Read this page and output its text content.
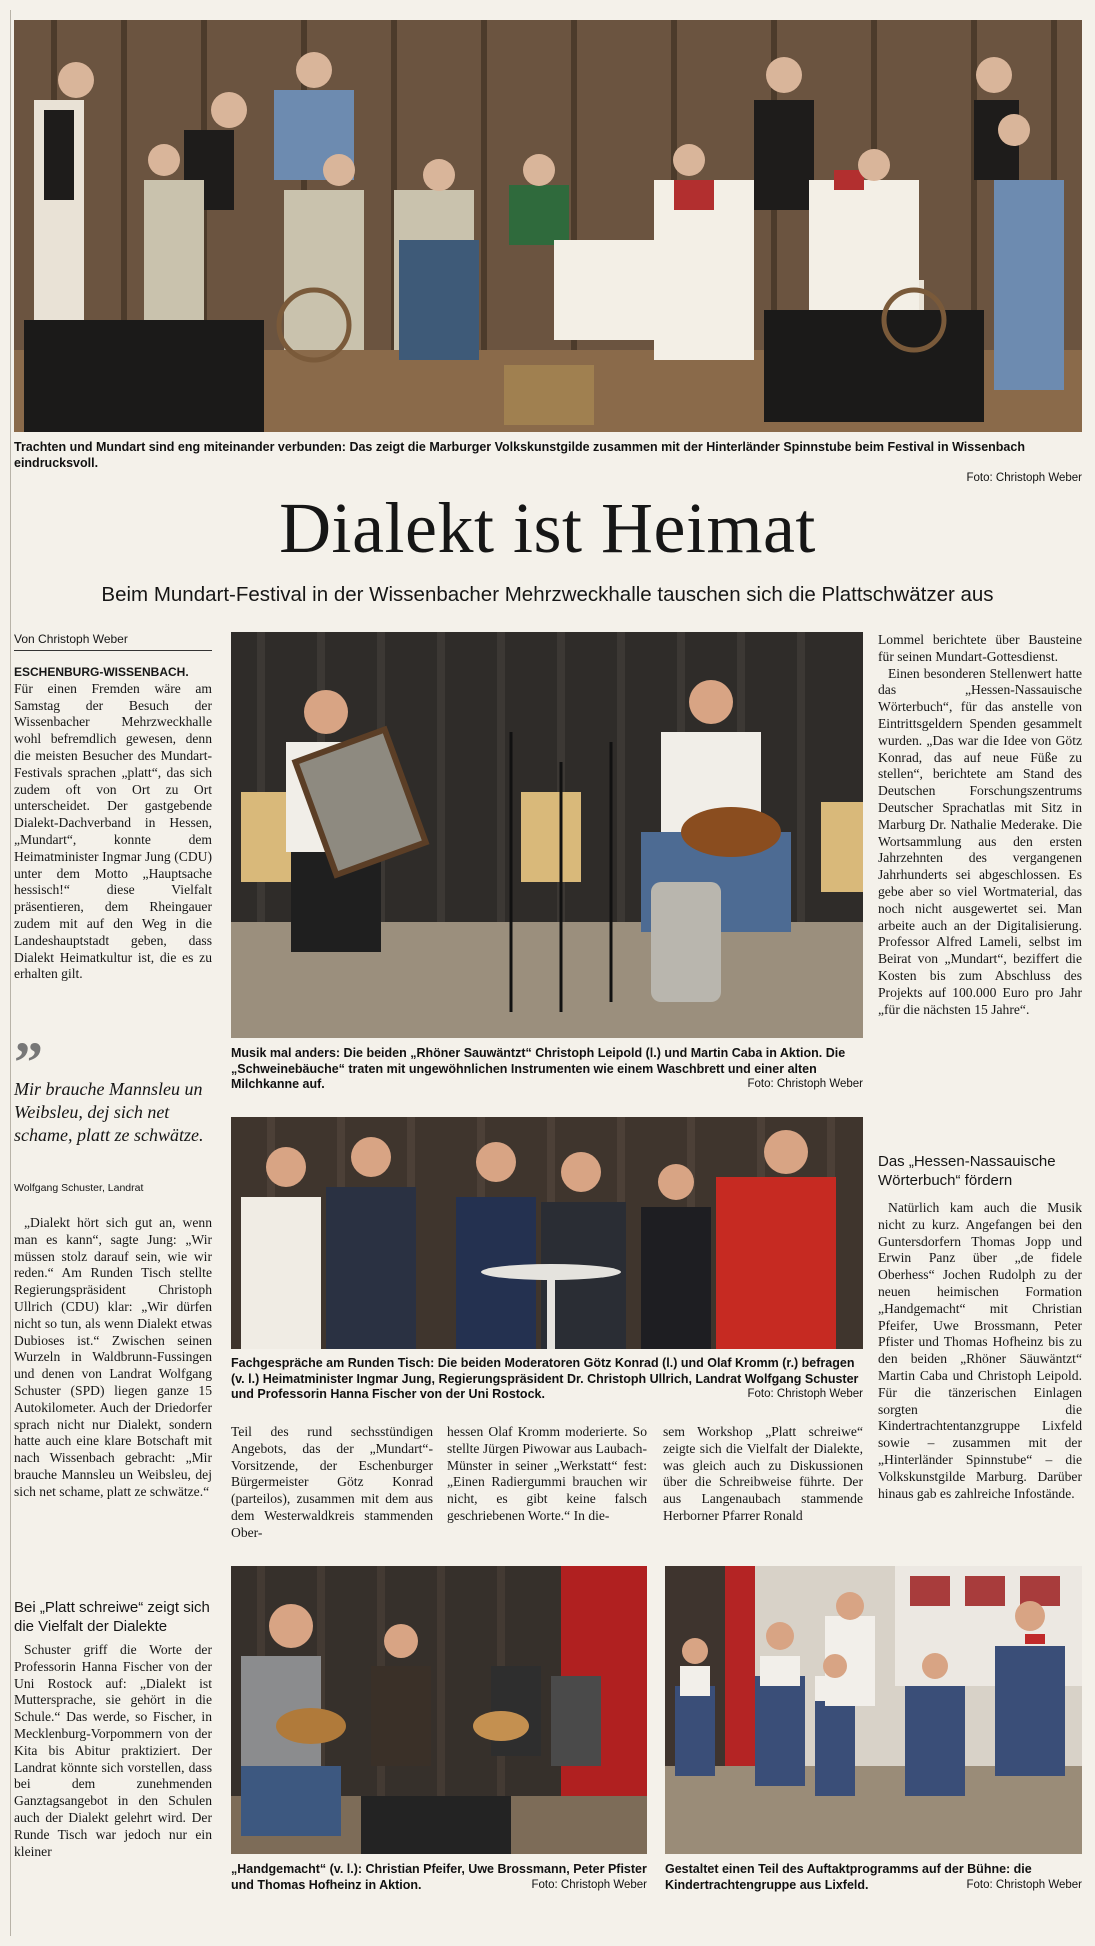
Trachten und Mundart sind eng miteinander verbunden: Das zeigt die Marburger Volkskunstgilde zusammen mit der Hinterländer Spinnstube beim Festival in Wissenbach eindrucksvoll.
Foto: Christoph Weber
Dialekt ist Heimat
Beim Mundart-Festival in der Wissenbacher Mehrzweckhalle tauschen sich die Plattschwätzer aus
Von Christoph Weber

ESCHENBURG-WISSENBACH.
Für einen Fremden wäre am Samstag der Besuch der Wissenbacher Mehrzweckhalle wohl befremdlich gewesen, denn die meisten Besucher des Mundart-Festivals sprachen „platt“, das sich zudem oft von Ort zu Ort unterscheidet. Der gastgebende Dialekt-Dachverband in Hessen, „Mundart“, konnte dem Heimatminister Ingmar Jung (CDU) unter dem Motto „Hauptsache hessisch!“ diese Vielfalt präsentieren, dem Rheingauer zudem mit auf den Weg in die Landeshauptstadt geben, dass Dialekt Heimatkultur ist, die es zu erhalten gilt.

”
Mir brauche Mannsleu un Weibsleu, dej sich net schame, platt ze schwätze.
Wolfgang Schuster, Landrat

„Dialekt hört sich gut an, wenn man es kann“, sagte Jung: „Wir müssen stolz darauf sein, wie wir reden.“ Am Runden Tisch stellte Regierungspräsident Christoph Ullrich (CDU) klar: „Wir dürfen nicht so tun, als wenn Dialekt etwas Dubioses ist.“ Zwischen seinen Wurzeln in Waldbrunn-Fussingen und denen von Landrat Wolfgang Schuster (SPD) liegen ganze 15 Autokilometer. Auch der Driedorfer sprach nicht nur Dialekt, sondern hatte auch eine klare Botschaft mit nach Wissenbach gebracht: „Mir brauche Mannsleu un Weibsleu, dej sich net schame, platt ze schwätze.“

Bei „Platt schreiwe“ zeigt sich die Vielfalt der Dialekte

Schuster griff die Worte der Professorin Hanna Fischer von der Uni Rostock auf: „Dialekt ist Muttersprache, sie gehört in die Schule.“ Das werde, so Fischer, in Mecklenburg-Vorpommern von der Kita bis Abitur praktiziert. Der Landrat könnte sich vorstellen, dass bei dem zunehmenden Ganztagsangebot in den Schulen auch der Dialekt gelehrt wird. Der Runde Tisch war jedoch nur ein kleiner

Musik mal anders: Die beiden „Rhöner Sauwäntzt“ Christoph Leipold (l.) und Martin Caba in Aktion. Die „Schweinebäuche“ traten mit ungewöhnlichen Instrumenten wie einem Waschbrett und einer alten Milchkanne auf.	Foto: Christoph Weber
Fachgespräche am Runden Tisch: Die beiden Moderatoren Götz Konrad (l.) und Olaf Kromm (r.) befragen (v. l.) Heimatminister Ingmar Jung, Regierungspräsident Dr. Christoph Ullrich, Landrat Wolfgang Schuster und Professorin Hanna Fischer von der Uni Rostock.	Foto: Christoph Weber

Teil des rund sechsstündigen Angebots, das der „Mundart“-Vorsitzende, der Eschenburger Bürgermeister Götz Konrad (parteilos), zusammen mit dem aus dem Westerwaldkreis stammenden Ober-

hessen Olaf Kromm moderierte. So stellte Jürgen Piwowar aus Laubach-Münster in seiner „Werkstatt“ fest: „Einen Radiergummi brauchen wir nicht, es gibt keine falsch geschriebenen Worte.“ In die-

sem Workshop „Platt schreiwe“ zeigte sich die Vielfalt der Dialekte, was gleich auch zu Diskussionen über die Schreibweise führte. Der aus Langenaubach stammende Herborner Pfarrer Ronald

Lommel berichtete über Bausteine für seinen Mundart-Gottesdienst.

Einen besonderen Stellenwert hatte das „Hessen-Nassauische Wörterbuch“, für das anstelle von Eintrittsgeldern Spenden gesammelt wurden. „Das war die Idee von Götz Konrad, das auf neue Füße zu stellen“, berichtete am Stand des Deutschen Forschungszentrums Deutscher Sprachatlas mit Sitz in Marburg Dr. Nathalie Mederake. Die Wortsammlung aus den ersten Jahrzehnten des vergangenen Jahrhunderts sei abgeschlossen. Es gebe aber so viel Wortmaterial, das noch nicht ausgewertet sei. Man arbeite auch an der Digitalisierung. Professor Alfred Lameli, selbst im Beirat von „Mundart“, beziffert die Kosten bis zum Abschluss des Projekts auf 100.000 Euro pro Jahr „für die nächsten 15 Jahre“.

Das „Hessen-Nassauische Wörterbuch“ fördern

Natürlich kam auch die Musik nicht zu kurz. Angefangen bei den Guntersdorfern Thomas Jopp und Erwin Panz über „de fidele Oberhess“ Jochen Rudolph zu der neuen heimischen Formation „Handgemacht“ mit Christian Pfeifer, Uwe Brossmann, Peter Pfister und Thomas Hofheinz bis zu den beiden „Rhöner Säuwäntzt“ Martin Caba und Christoph Leipold. Für die tänzerischen Einlagen sorgten die Kindertrachtentanzgruppe Lixfeld sowie – zusammen mit der „Hinterländer Spinnstube“ – die Volkskunstgilde Marburg. Darüber hinaus gab es zahlreiche Infostände.

„Handgemacht“ (v. l.): Christian Pfeifer, Uwe Brossmann, Peter Pfister und Thomas Hofheinz in Aktion.	Foto: Christoph Weber
Gestaltet einen Teil des Auftaktprogramms auf der Bühne: die Kindertrachtengruppe aus Lixfeld.	Foto: Christoph Weber
